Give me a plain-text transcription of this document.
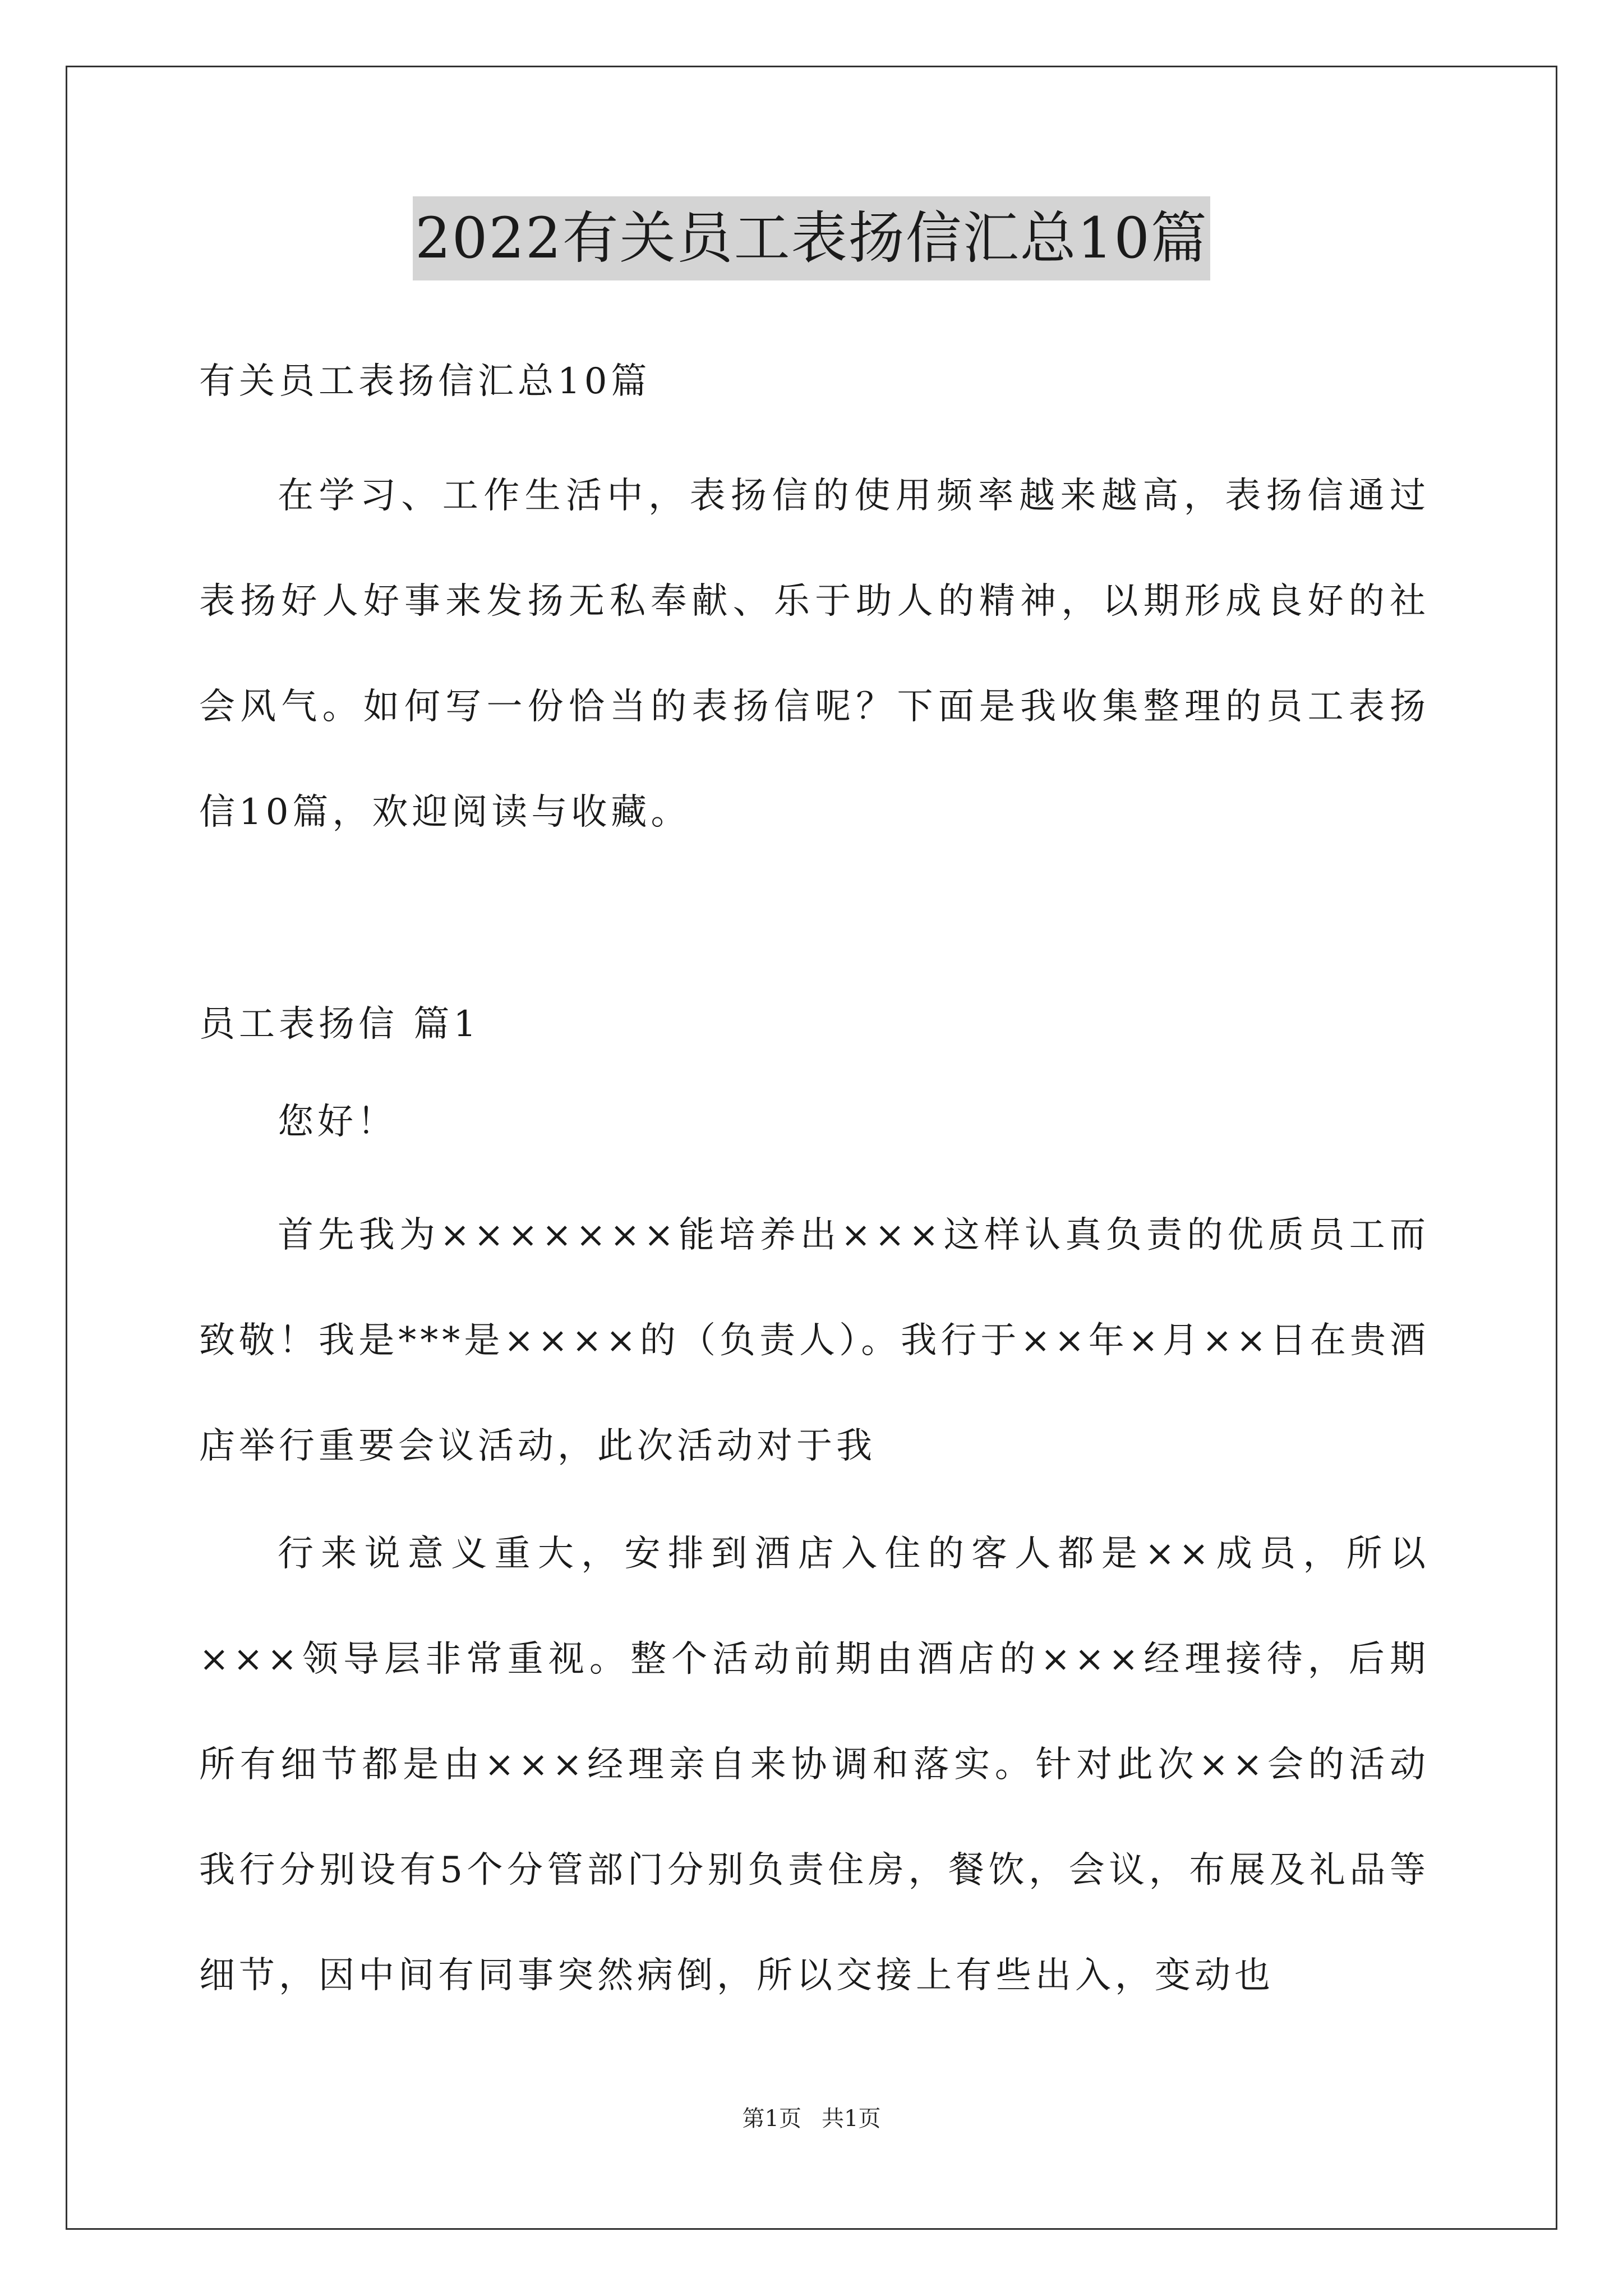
2022有关员工表扬信汇总10篇

有关员工表扬信汇总10篇

在学习、工作生活中，表扬信的使用频率越来越高，表扬信通过表扬好人好事来发扬无私奉献、乐于助人的精神，以期形成良好的社会风气。如何写一份恰当的表扬信呢？下面是我收集整理的员工表扬信10篇，欢迎阅读与收藏。

员工表扬信 篇1

您好！

首先我为×××××××能培养出×××这样认真负责的优质员工而致敬！我是***是××××的（负责人）。我行于××年×月××日在贵酒店举行重要会议活动，此次活动对于我

行来说意义重大，安排到酒店入住的客人都是××成员，所以×××领导层非常重视。整个活动前期由酒店的×××经理接待，后期所有细节都是由×××经理亲自来协调和落实。针对此次××会的活动我行分别设有5个分管部门分别负责住房，餐饮，会议，布展及礼品等细节，因中间有同事突然病倒，所以交接上有些出入，变动也

第1页 共1页
